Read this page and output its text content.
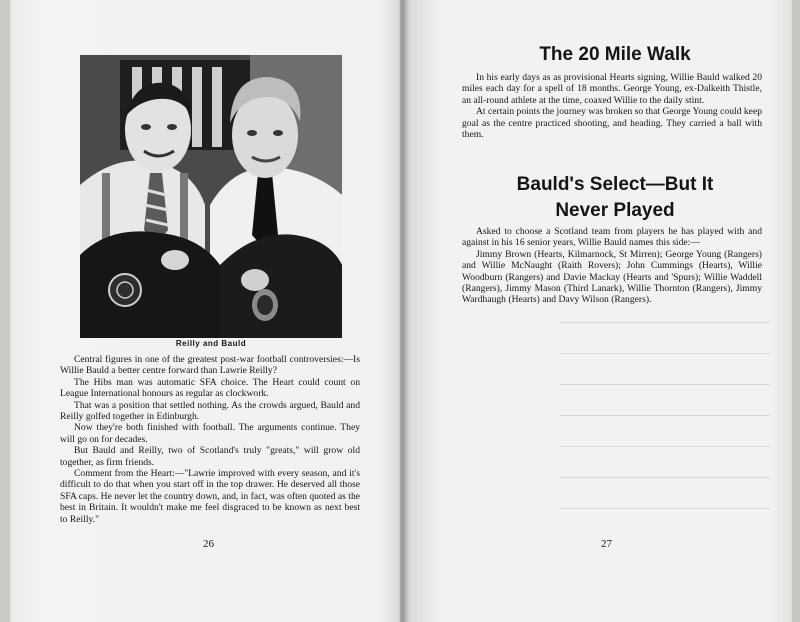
Reilly and Bauld

Central figures in one of the greatest post-war football controversies:—Is Willie Bauld a better centre forward than Lawrie Reilly?

The Hibs man was automatic SFA choice. The Heart could count on League International honours as regular as clockwork.

That was a position that settled nothing. As the crowds argued, Bauld and Reilly golfed together in Edinburgh.

Now they're both finished with football. The arguments continue. They will go on for decades.

But Bauld and Reilly, two of Scotland's truly "greats," will grow old together, as firm friends.

Comment from the Heart:—"Lawrie improved with every season, and it's difficult to do that when you start off in the top drawer. He deserved all those SFA caps. He never let the country down, and, in fact, was often quoted as the best in Britain. It wouldn't make me feel disgraced to be known as next best to Reilly."

26
The 20 Mile Walk

In his early days as as provisional Hearts signing, Willie Bauld walked 20 miles each day for a spell of 18 months. George Young, ex-Dalkeith Thistle, an all-round athlete at the time, coaxed Willie to the daily stint.

At certain points the journey was broken so that George Young could keep goal as the centre practiced shooting, and heading. They carried a ball with them.

Bauld's Select—But It
Never Played

Asked to choose a Scotland team from players he has played with and against in his 16 senior years, Willie Bauld names this side:—

Jimmy Brown (Hearts, Kilmarnock, St Mirren); George Young (Rangers) and Willie McNaught (Raith Rovers); John Cummings (Hearts), Willie Woodburn (Rangers) and Davie Mackay (Hearts and 'Spurs); Willie Waddell (Rangers), Jimmy Mason (Third Lanark), Willie Thornton (Rangers), Jimmy Wardhaugh (Hearts) and Davy Wilson (Rangers).

27
